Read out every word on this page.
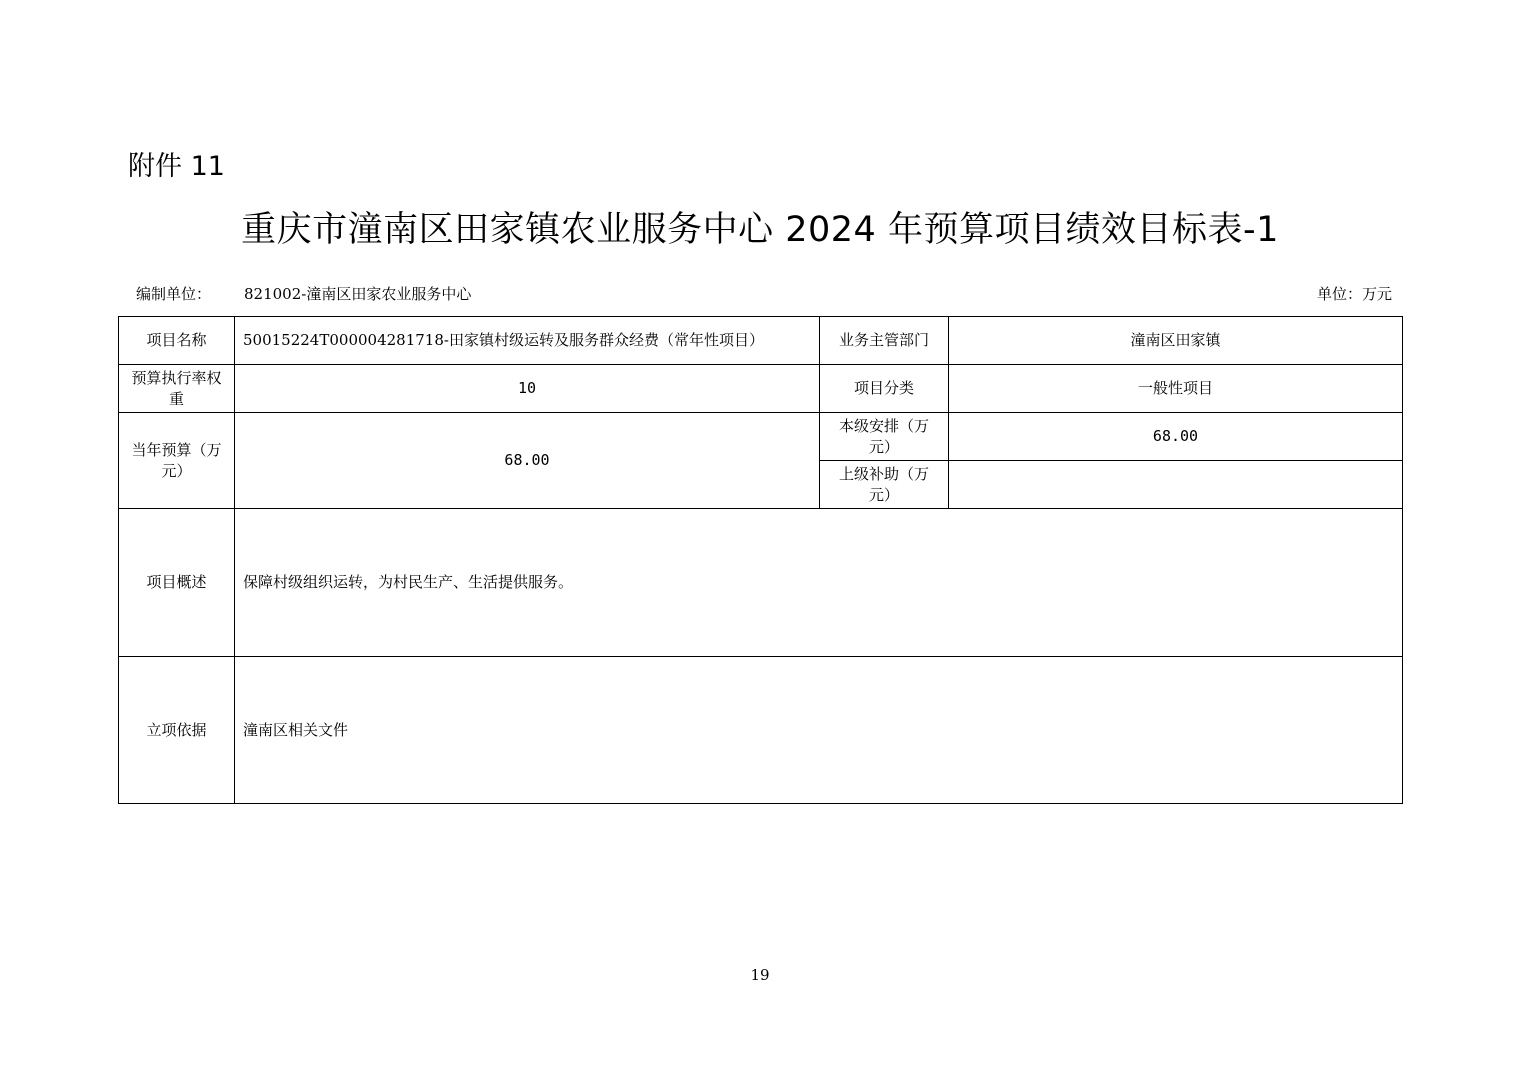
附件 11
重庆市潼南区田家镇农业服务中心 2024 年预算项目绩效目标表-1
编制单位： 821002-潼南区田家农业服务中心	单位：万元
项目名称	50015224T000004281718-田家镇村级运转及服务群众经费（常年性项目）	业务主管部门	潼南区田家镇
预算执行率权重	10	项目分类	一般性项目
当年预算（万元）	68.00	本级安排（万元）	68.00
		上级补助（万元）	
项目概述	保障村级组织运转，为村民生产、生活提供服务。		
立项依据	潼南区相关文件		
19
